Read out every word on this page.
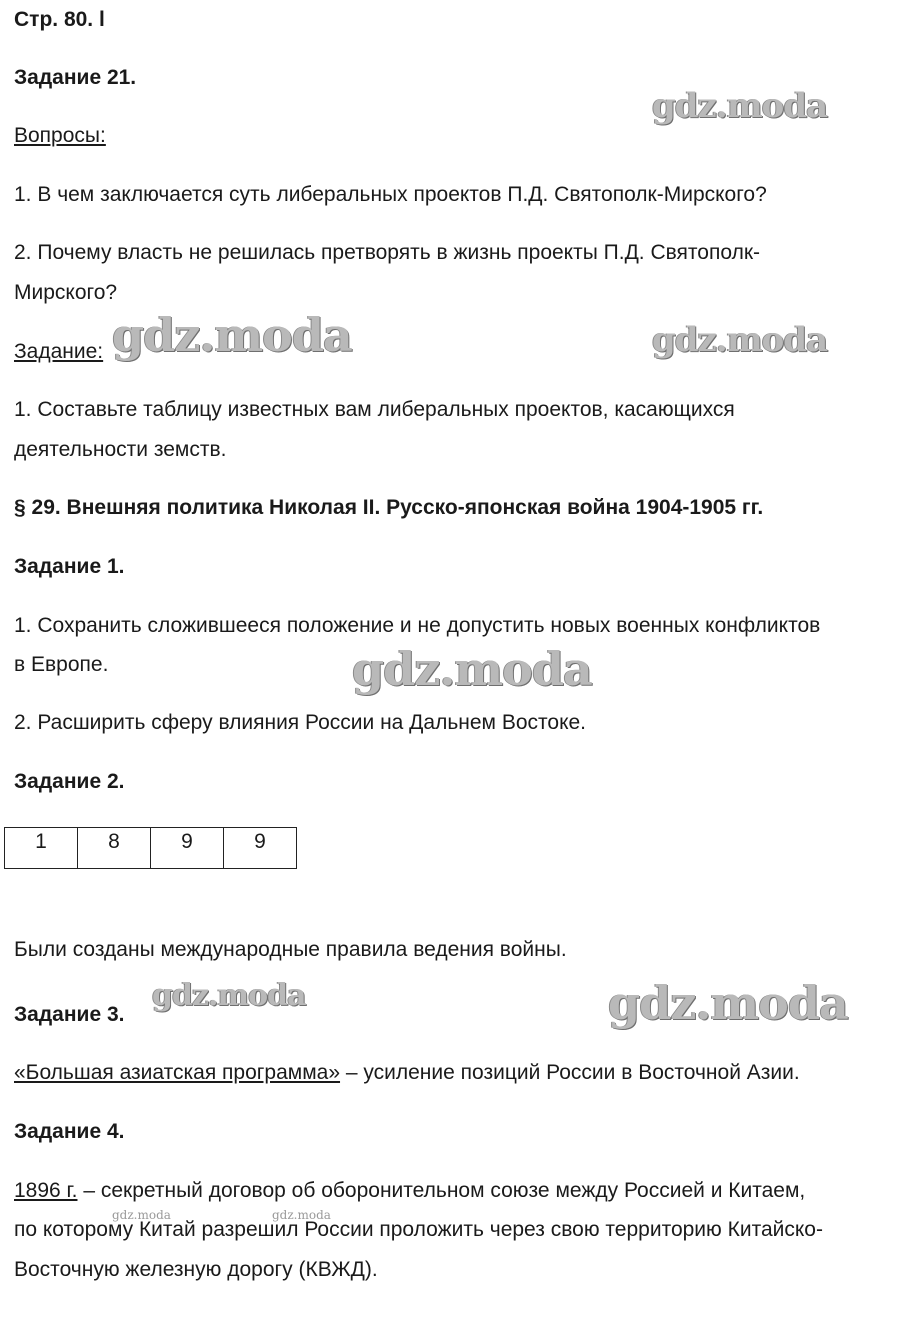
Стр. 80. l
Задание 21.
Вопросы:
1. В чем заключается суть либеральных проектов П.Д. Святополк-Мирского?
2. Почему власть не решилась претворять в жизнь проекты П.Д. Святополк-
Мирского?
Задание:
1. Составьте таблицу известных вам либеральных проектов, касающихся
деятельности земств.
§ 29. Внешняя политика Николая II. Русско-японская война 1904-1905 гг.
Задание 1.
1. Сохранить сложившееся положение и не допустить новых военных конфликтов
в Европе.
2. Расширить сферу влияния России на Дальнем Востоке.
Задание 2.
1	8	9	9
Были созданы международные правила ведения войны.
Задание 3.
«Большая азиатская программа» – усиление позиций России в Восточной Азии.
Задание 4.
1896 г. – секретный договор об оборонительном союзе между Россией и Китаем,
по которому Китай разрешил России проложить через свою территорию Китайско-
Восточную железную дорогу (КВЖД).
gdz.moda
gdz.moda	gdz.moda
gdz.moda
gdz.moda	gdz.moda
gdz.moda	gdz.moda
